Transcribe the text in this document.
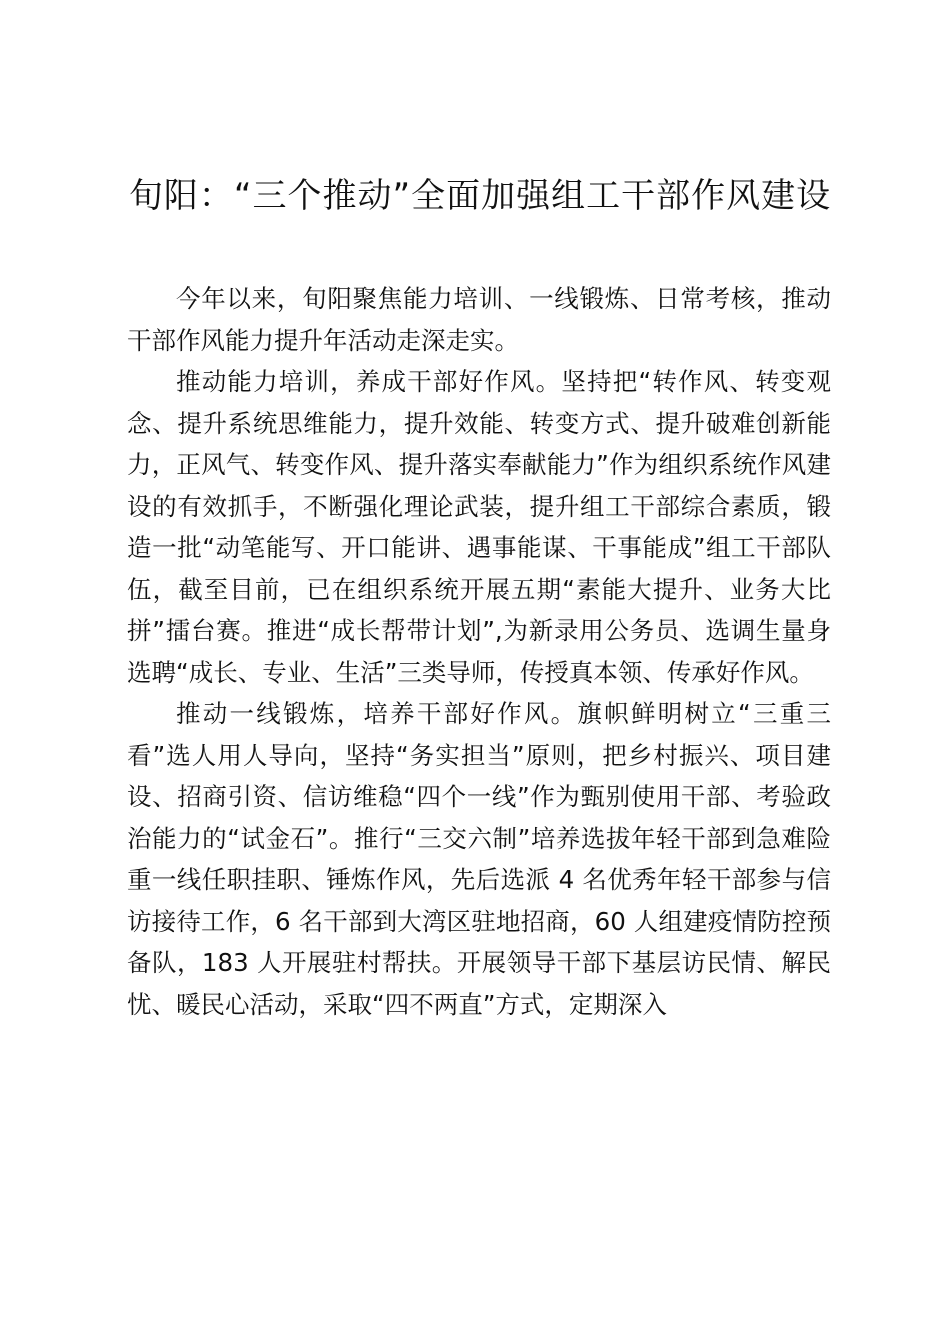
旬阳：“三个推动”全面加强组工干部作风建设

今年以来，旬阳聚焦能力培训、一线锻炼、日常考核，推动干部作风能力提升年活动走深走实。

推动能力培训，养成干部好作风。坚持把“转作风、转变观念、提升系统思维能力，提升效能、转变方式、提升破难创新能力，正风气、转变作风、提升落实奉献能力”作为组织系统作风建设的有效抓手，不断强化理论武装，提升组工干部综合素质，锻造一批“动笔能写、开口能讲、遇事能谋、干事能成”组工干部队伍，截至目前，已在组织系统开展五期“素能大提升、业务大比拼”擂台赛。推进“成长帮带计划”,为新录用公务员、选调生量身选聘“成长、专业、生活”三类导师，传授真本领、传承好作风。

推动一线锻炼，培养干部好作风。旗帜鲜明树立“三重三看”选人用人导向，坚持“务实担当”原则，把乡村振兴、项目建设、招商引资、信访维稳“四个一线”作为甄别使用干部、考验政治能力的“试金石”。推行“三交六制”培养选拔年轻干部到急难险重一线任职挂职、锤炼作风，先后选派 4 名优秀年轻干部参与信访接待工作，6 名干部到大湾区驻地招商，60 人组建疫情防控预备队，183 人开展驻村帮扶。开展领导干部下基层访民情、解民忧、暖民心活动，采取“四不两直”方式，定期深入
